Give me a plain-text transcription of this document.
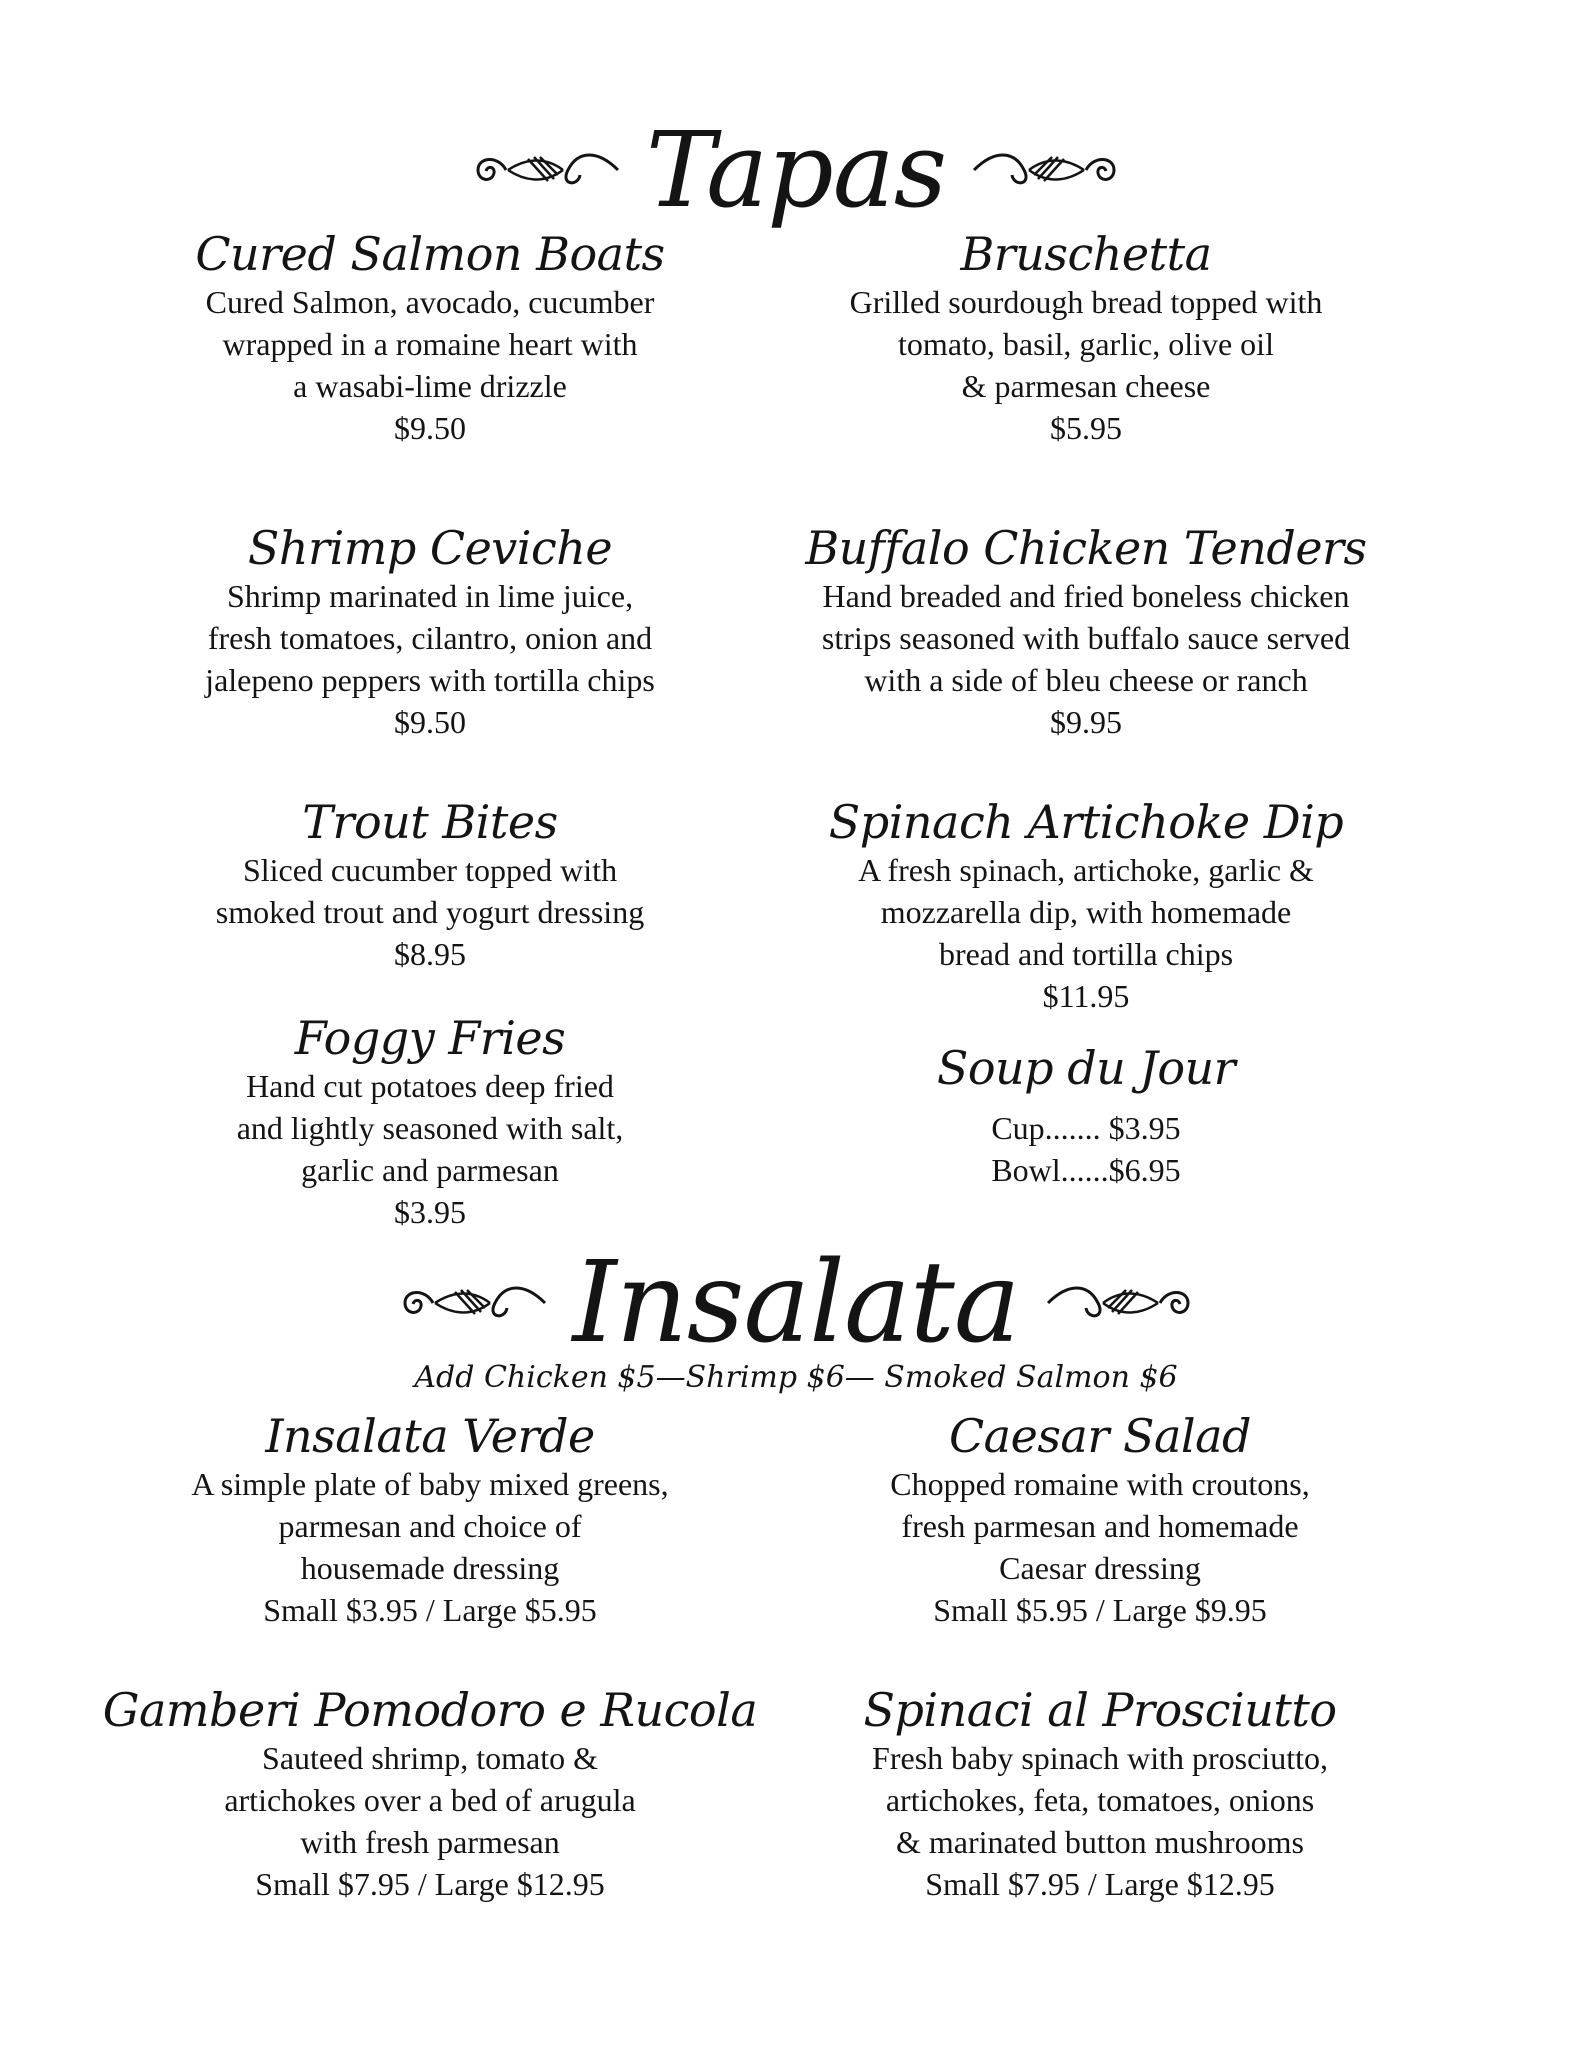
Tapas
Cured Salmon Boats
Cured Salmon, avocado, cucumber
wrapped in a romaine heart with
a wasabi-lime drizzle
$9.50
Bruschetta
Grilled sourdough bread topped with
tomato, basil, garlic, olive oil
& parmesan cheese
$5.95
Shrimp Ceviche
Shrimp marinated in lime juice,
fresh tomatoes, cilantro, onion and
jalepeno peppers with tortilla chips
$9.50
Buffalo Chicken Tenders
Hand breaded and fried boneless chicken
strips seasoned with buffalo sauce served
with a side of bleu cheese or ranch
$9.95
Trout Bites
Sliced cucumber topped with
smoked trout and yogurt dressing
$8.95
Spinach Artichoke Dip
A fresh spinach, artichoke, garlic &
mozzarella dip, with homemade
bread and tortilla chips
$11.95
Foggy Fries
Hand cut potatoes deep fried
and lightly seasoned with salt,
garlic and parmesan
$3.95
Soup du Jour
Cup....... $3.95
Bowl......$6.95
Insalata
Add Chicken $5—Shrimp $6— Smoked Salmon $6
Insalata Verde
A simple plate of baby mixed greens,
parmesan and choice of
housemade dressing
Small $3.95 / Large $5.95
Caesar Salad
Chopped romaine with croutons,
fresh parmesan and homemade
Caesar dressing
Small $5.95 / Large $9.95
Gamberi Pomodoro e Rucola
Sauteed shrimp, tomato &
artichokes over a bed of arugula
with fresh parmesan
Small $7.95 / Large $12.95
Spinaci al Prosciutto
Fresh baby spinach with prosciutto,
artichokes, feta, tomatoes, onions
& marinated button mushrooms
Small $7.95 / Large $12.95
